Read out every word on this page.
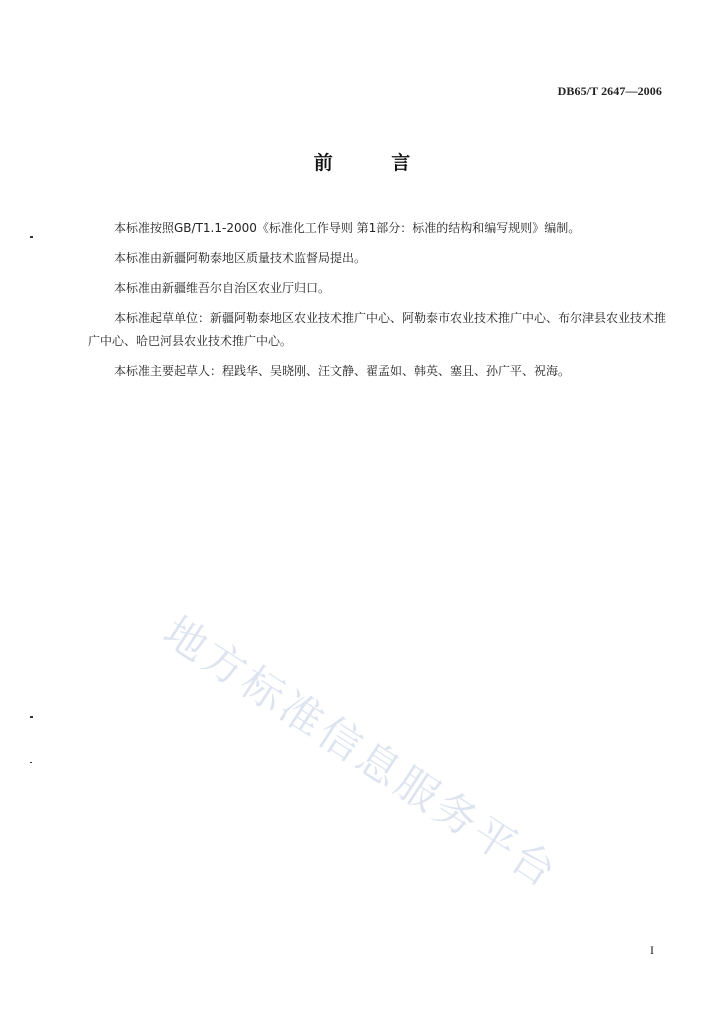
DB65/T 2647—2006
前 言

本标准按照GB/T1.1-2000《标准化工作导则 第1部分：标准的结构和编写规则》编制。

本标准由新疆阿勒泰地区质量技术监督局提出。

本标准由新疆维吾尔自治区农业厅归口。

本标准起草单位：新疆阿勒泰地区农业技术推广中心、阿勒泰市农业技术推广中心、布尔津县农业技术推广中心、哈巴河县农业技术推广中心。

本标准主要起草人：程践华、吴晓刚、汪文静、翟孟如、韩英、塞且、孙广平、祝海。

地方标准信息服务平台
I
